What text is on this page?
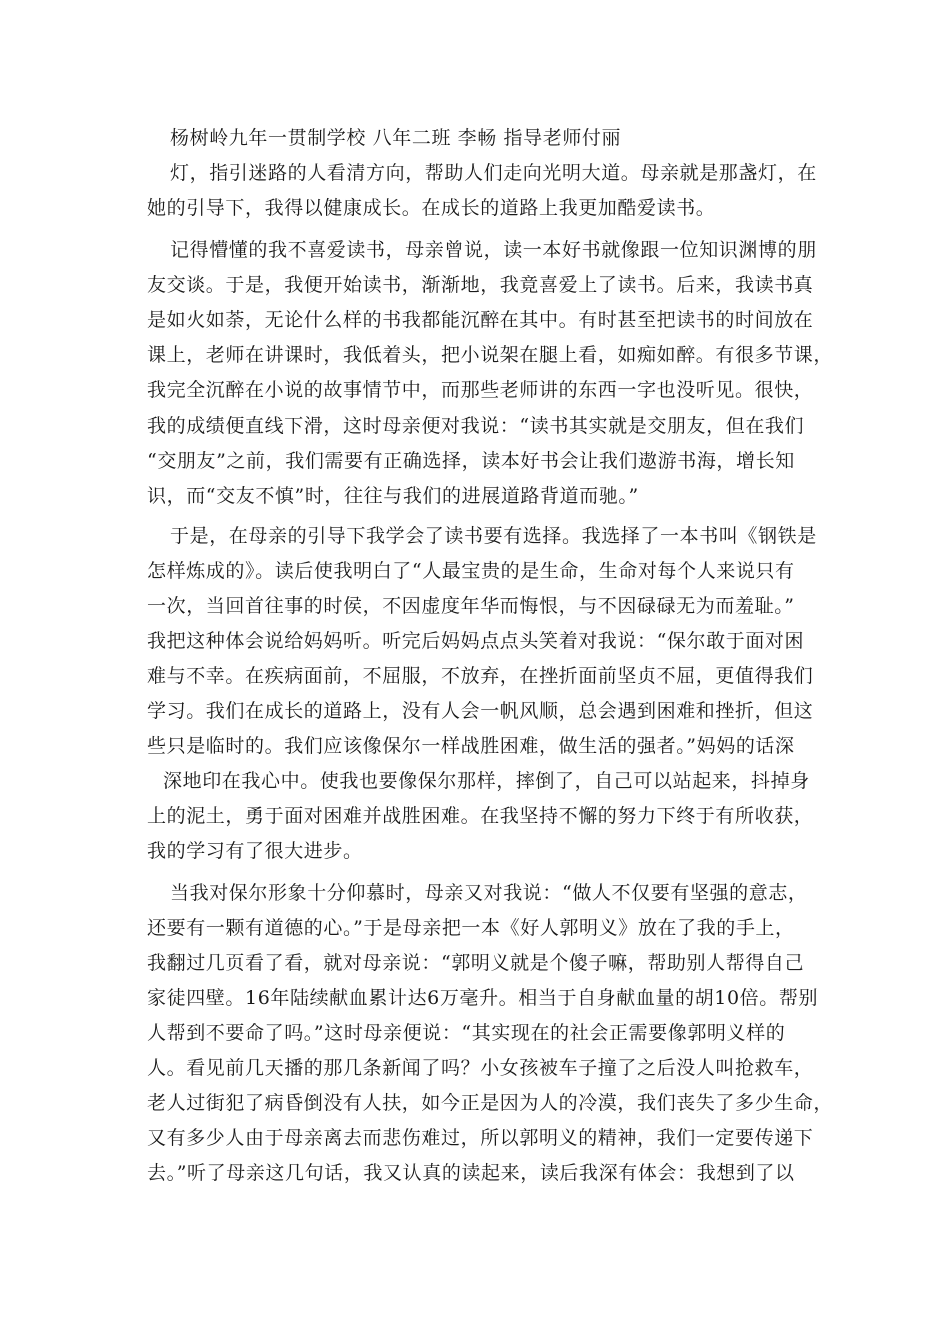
杨树岭九年一贯制学校 八年二班 李畅 指导老师付丽
灯，指引迷路的人看清方向，帮助人们走向光明大道。母亲就是那盏灯，在
她的引导下，我得以健康成长。在成长的道路上我更加酷爱读书。
记得懵懂的我不喜爱读书，母亲曾说，读一本好书就像跟一位知识渊博的朋
友交谈。于是，我便开始读书，渐渐地，我竟喜爱上了读书。后来，我读书真
是如火如荼，无论什么样的书我都能沉醉在其中。有时甚至把读书的时间放在
课上，老师在讲课时，我低着头，把小说架在腿上看，如痴如醉。有很多节课，
我完全沉醉在小说的故事情节中，而那些老师讲的东西一字也没听见。很快，
我的成绩便直线下滑，这时母亲便对我说：“读书其实就是交朋友，但在我们
“交朋友”之前，我们需要有正确选择，读本好书会让我们遨游书海，增长知
识，而“交友不慎”时，往往与我们的进展道路背道而驰。”
于是，在母亲的引导下我学会了读书要有选择。我选择了一本书叫《钢铁是
怎样炼成的》。读后使我明白了“人最宝贵的是生命，生命对每个人来说只有
一次，当回首往事的时侯，不因虚度年华而悔恨，与不因碌碌无为而羞耻。”
我把这种体会说给妈妈听。听完后妈妈点点头笑着对我说：“保尔敢于面对困
难与不幸。在疾病面前，不屈服，不放弃，在挫折面前坚贞不屈，更值得我们
学习。我们在成长的道路上，没有人会一帆风顺，总会遇到困难和挫折，但这
些只是临时的。我们应该像保尔一样战胜困难，做生活的强者。”妈妈的话深
深地印在我心中。使我也要像保尔那样，摔倒了，自己可以站起来，抖掉身
上的泥土，勇于面对困难并战胜困难。在我坚持不懈的努力下终于有所收获，
我的学习有了很大进步。
当我对保尔形象十分仰慕时，母亲又对我说：“做人不仅要有坚强的意志，
还要有一颗有道德的心。”于是母亲把一本《好人郭明义》放在了我的手上，
我翻过几页看了看，就对母亲说：“郭明义就是个傻子嘛，帮助别人帮得自己
家徒四壁。16年陆续献血累计达6万毫升。相当于自身献血量的胡10倍。帮别
人帮到不要命了吗。”这时母亲便说：“其实现在的社会正需要像郭明义样的
人。看见前几天播的那几条新闻了吗？小女孩被车子撞了之后没人叫抢救车，
老人过街犯了病昏倒没有人扶，如今正是因为人的冷漠，我们丧失了多少生命，
又有多少人由于母亲离去而悲伤难过，所以郭明义的精神，我们一定要传递下
去。”听了母亲这几句话，我又认真的读起来，读后我深有体会：我想到了以
